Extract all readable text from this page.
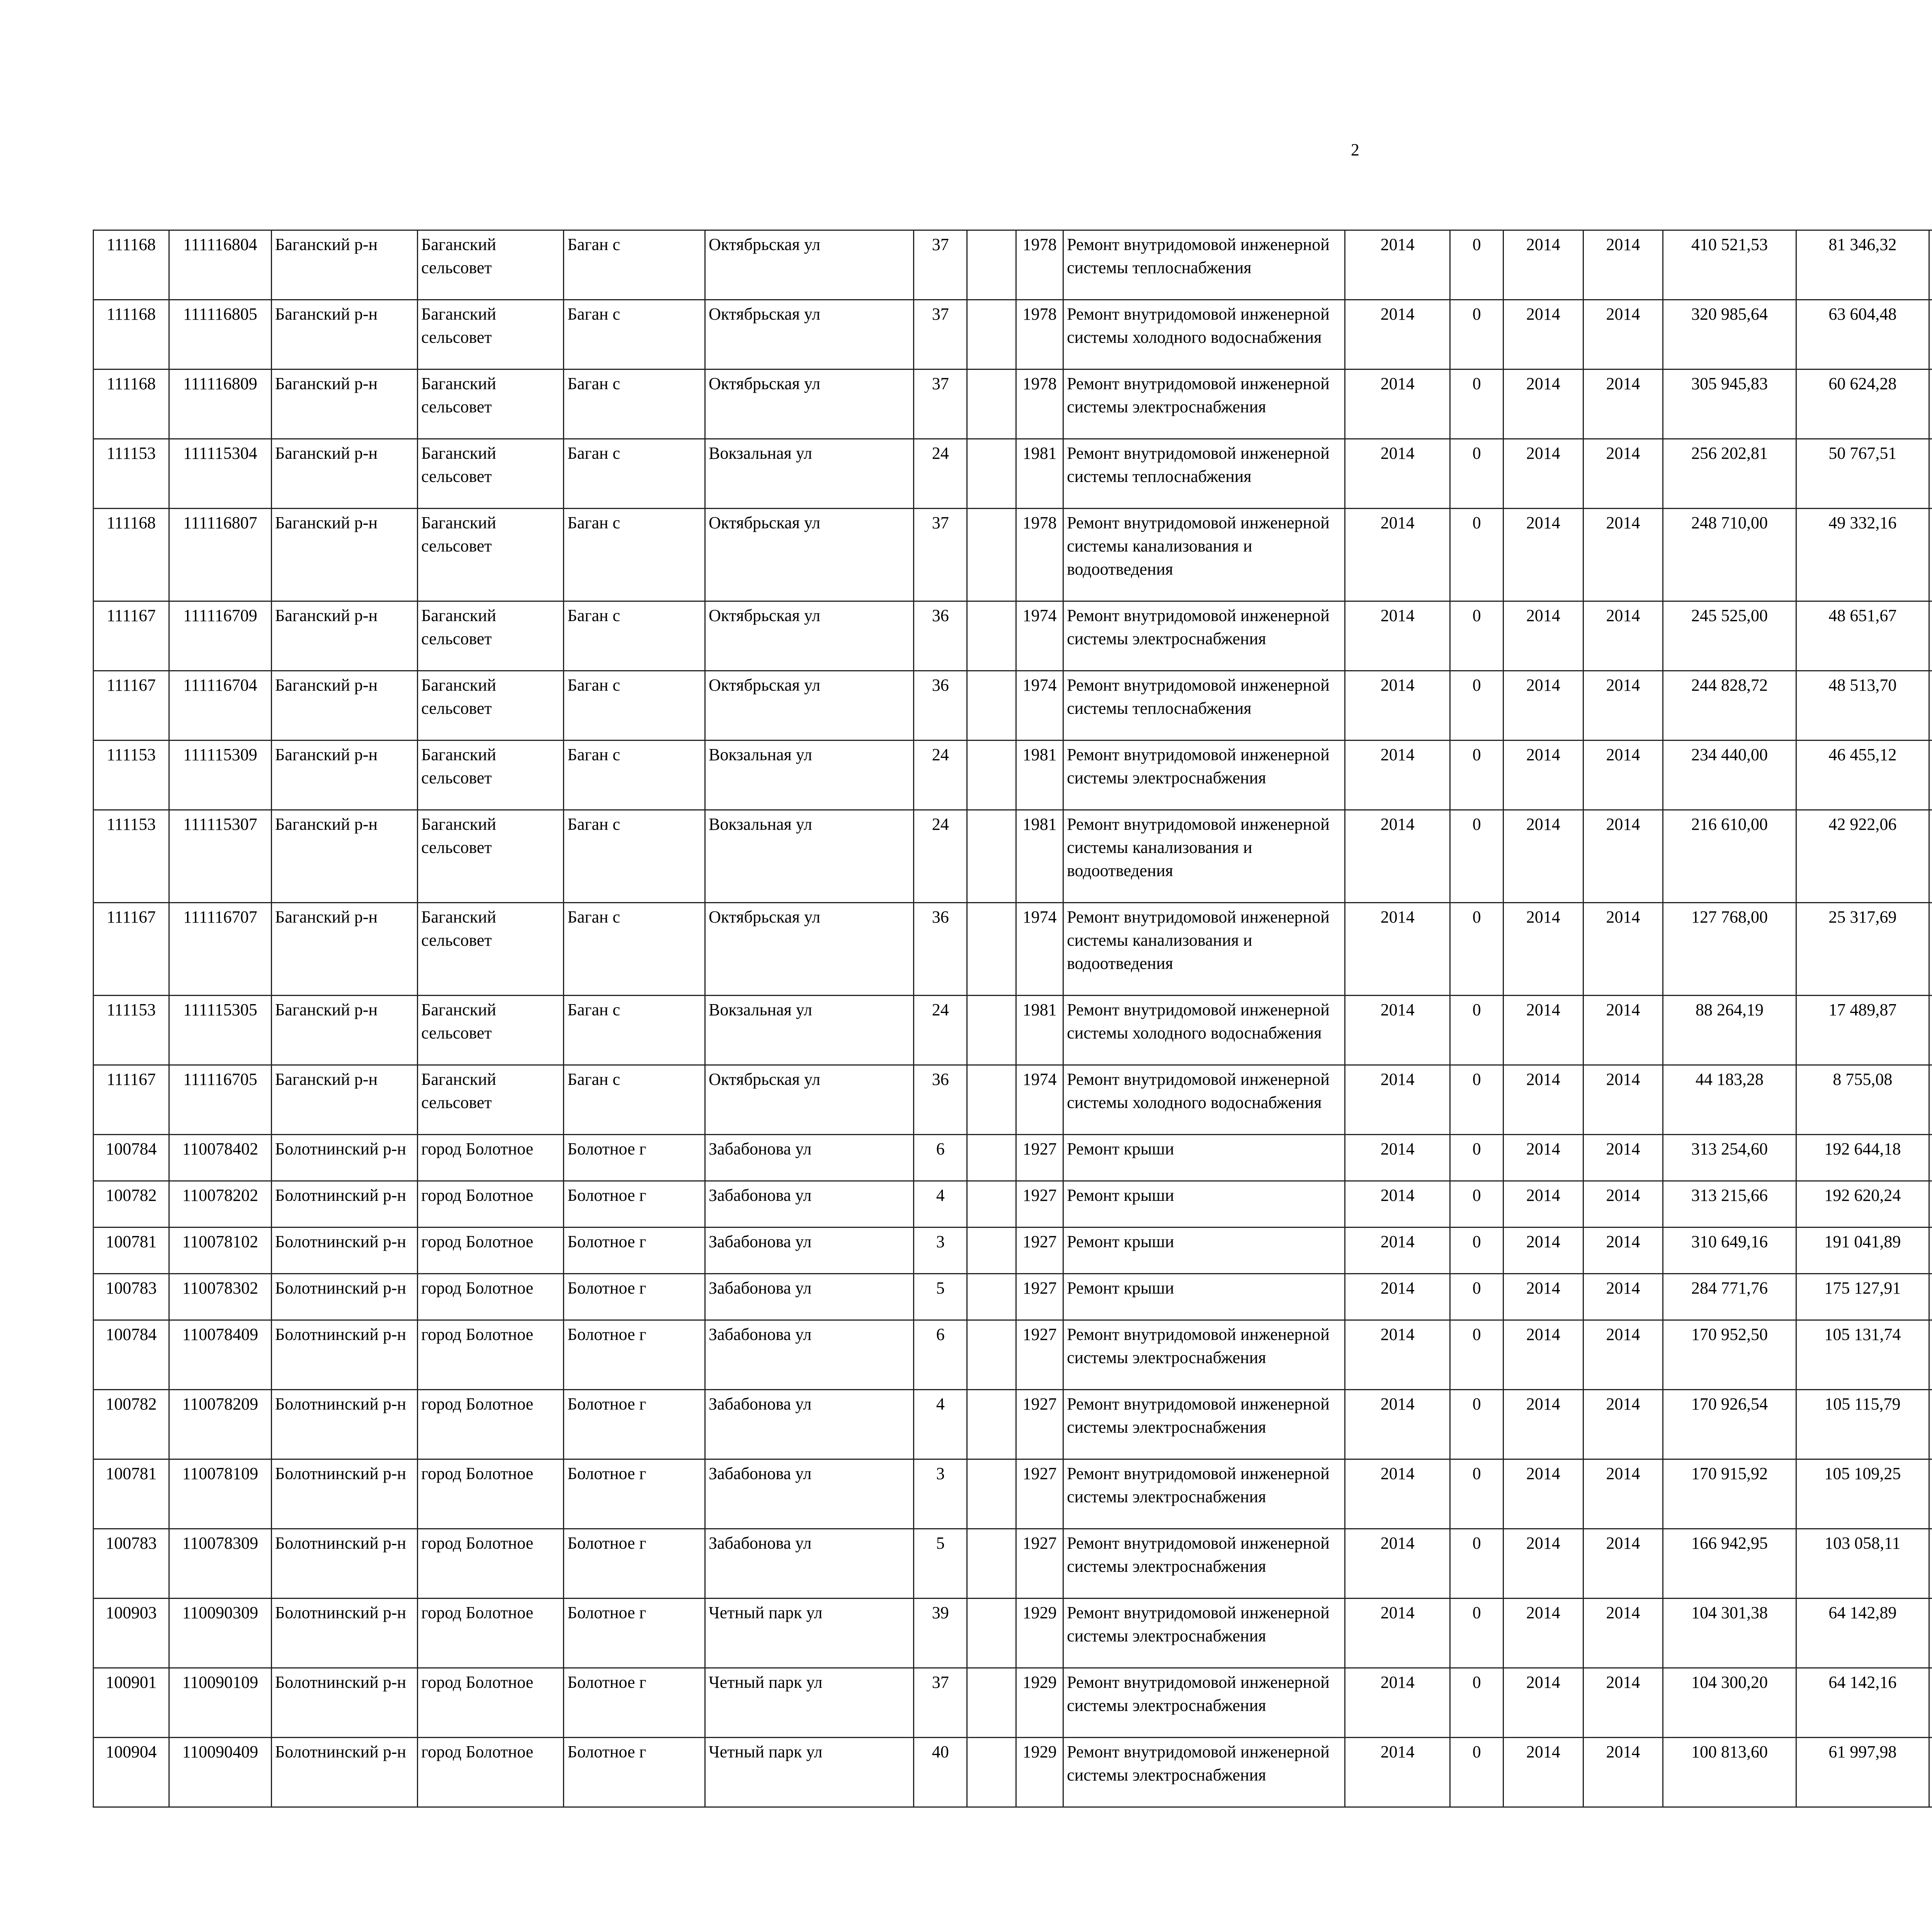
2
111168	111116804	Баганский р-н	Баганский сельсовет	Баган с	Октябрьская ул	37		1978	Ремонт внутридомовой инженерной системы теплоснабжения	2014	0	2014	2014	410 521,53	81 346,32						
111168	111116805	Баганский р-н	Баганский сельсовет	Баган с	Октябрьская ул	37		1978	Ремонт внутридомовой инженерной системы холодного водоснабжения	2014	0	2014	2014	320 985,64	63 604,48						
111168	111116809	Баганский р-н	Баганский сельсовет	Баган с	Октябрьская ул	37		1978	Ремонт внутридомовой инженерной системы электроснабжения	2014	0	2014	2014	305 945,83	60 624,28						
111153	111115304	Баганский р-н	Баганский сельсовет	Баган с	Вокзальная ул	24		1981	Ремонт внутридомовой инженерной системы теплоснабжения	2014	0	2014	2014	256 202,81	50 767,51						
111168	111116807	Баганский р-н	Баганский сельсовет	Баган с	Октябрьская ул	37		1978	Ремонт внутридомовой инженерной системы канализования и водоотведения	2014	0	2014	2014	248 710,00	49 332,16						
111167	111116709	Баганский р-н	Баганский сельсовет	Баган с	Октябрьская ул	36		1974	Ремонт внутридомовой инженерной системы электроснабжения	2014	0	2014	2014	245 525,00	48 651,67						
111167	111116704	Баганский р-н	Баганский сельсовет	Баган с	Октябрьская ул	36		1974	Ремонт внутридомовой инженерной системы теплоснабжения	2014	0	2014	2014	244 828,72	48 513,70						
111153	111115309	Баганский р-н	Баганский сельсовет	Баган с	Вокзальная ул	24		1981	Ремонт внутридомовой инженерной системы электроснабжения	2014	0	2014	2014	234 440,00	46 455,12						
111153	111115307	Баганский р-н	Баганский сельсовет	Баган с	Вокзальная ул	24		1981	Ремонт внутридомовой инженерной системы канализования и водоотведения	2014	0	2014	2014	216 610,00	42 922,06						
111167	111116707	Баганский р-н	Баганский сельсовет	Баган с	Октябрьская ул	36		1974	Ремонт внутридомовой инженерной системы канализования и водоотведения	2014	0	2014	2014	127 768,00	25 317,69						
111153	111115305	Баганский р-н	Баганский сельсовет	Баган с	Вокзальная ул	24		1981	Ремонт внутридомовой инженерной системы холодного водоснабжения	2014	0	2014	2014	88 264,19	17 489,87						
111167	111116705	Баганский р-н	Баганский сельсовет	Баган с	Октябрьская ул	36		1974	Ремонт внутридомовой инженерной системы холодного водоснабжения	2014	0	2014	2014	44 183,28	8 755,08						
100784	110078402	Болотнинский р-н	город Болотное	Болотное г	Забабонова ул	6		1927	Ремонт крыши	2014	0	2014	2014	313 254,60	192 644,18						
100782	110078202	Болотнинский р-н	город Болотное	Болотное г	Забабонова ул	4		1927	Ремонт крыши	2014	0	2014	2014	313 215,66	192 620,24						
100781	110078102	Болотнинский р-н	город Болотное	Болотное г	Забабонова ул	3		1927	Ремонт крыши	2014	0	2014	2014	310 649,16	191 041,89						
100783	110078302	Болотнинский р-н	город Болотное	Болотное г	Забабонова ул	5		1927	Ремонт крыши	2014	0	2014	2014	284 771,76	175 127,91						
100784	110078409	Болотнинский р-н	город Болотное	Болотное г	Забабонова ул	6		1927	Ремонт внутридомовой инженерной системы электроснабжения	2014	0	2014	2014	170 952,50	105 131,74						
100782	110078209	Болотнинский р-н	город Болотное	Болотное г	Забабонова ул	4		1927	Ремонт внутридомовой инженерной системы электроснабжения	2014	0	2014	2014	170 926,54	105 115,79						
100781	110078109	Болотнинский р-н	город Болотное	Болотное г	Забабонова ул	3		1927	Ремонт внутридомовой инженерной системы электроснабжения	2014	0	2014	2014	170 915,92	105 109,25						
100783	110078309	Болотнинский р-н	город Болотное	Болотное г	Забабонова ул	5		1927	Ремонт внутридомовой инженерной системы электроснабжения	2014	0	2014	2014	166 942,95	103 058,11						
100903	110090309	Болотнинский р-н	город Болотное	Болотное г	Четный парк ул	39		1929	Ремонт внутридомовой инженерной системы электроснабжения	2014	0	2014	2014	104 301,38	64 142,89						
100901	110090109	Болотнинский р-н	город Болотное	Болотное г	Четный парк ул	37		1929	Ремонт внутридомовой инженерной системы электроснабжения	2014	0	2014	2014	104 300,20	64 142,16						
100904	110090409	Болотнинский р-н	город Болотное	Болотное г	Четный парк ул	40		1929	Ремонт внутридомовой инженерной системы электроснабжения	2014	0	2014	2014	100 813,60	61 997,98						
